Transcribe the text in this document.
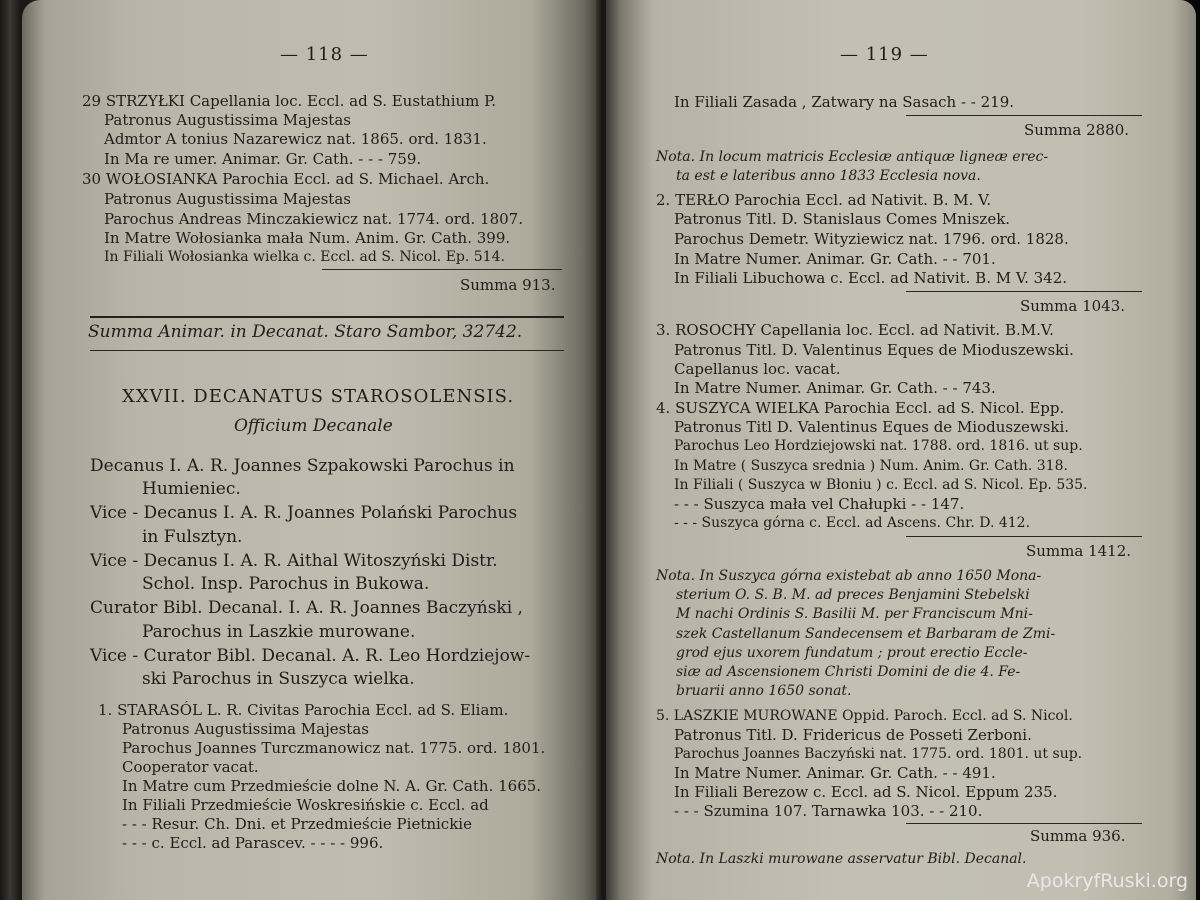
— 118 —
29 STRZYŁKI Capellania loc. Eccl. ad S. Eustathium P.
Patronus Augustissima Majestas
Admtor A tonius Nazarewicz nat. 1865. ord. 1831.
In Ma re umer. Animar. Gr. Cath. - - - 759.
30 WOŁOSIANKA Parochia Eccl. ad S. Michael. Arch.
Patronus Augustissima Majestas
Parochus Andreas Minczakiewicz nat. 1774. ord. 1807.
In Matre Wołosianka mała Num. Anim. Gr. Cath. 399.
In Filiali Wołosianka wielka c. Eccl. ad S. Nicol. Ep. 514.
Summa 913.
Summa Animar. in Decanat. Staro Sambor, 32742.
XXVII. DECANATUS STAROSOLENSIS.
Officium Decanale
Decanus I. A. R. Joannes Szpakowski Parochus in
Humieniec.
Vice - Decanus I. A. R. Joannes Polański Parochus
in Fulsztyn.
Vice - Decanus I. A. R. Aithal Witoszyński Distr.
Schol. Insp. Parochus in Bukowa.
Curator Bibl. Decanal. I. A. R. Joannes Baczyński ,
Parochus in Laszkie murowane.
Vice - Curator Bibl. Decanal. A. R. Leo Hordziejow-
ski Parochus in Suszyca wielka.
1. STARASÓL L. R. Civitas Parochia Eccl. ad S. Eliam.
Patronus Augustissima Majestas
Parochus Joannes Turczmanowicz nat. 1775. ord. 1801.
Cooperator vacat.
In Matre cum Przedmieście dolne N. A. Gr. Cath. 1665.
In Filiali Przedmieście Woskresińskie c. Eccl. ad
- - - Resur. Ch. Dni. et Przedmieście Pietnickie
- - - c. Eccl. ad Parascev. - - - - 996.
— 119 —
In Filiali Zasada , Zatwary na Sasach - - 219.
Summa 2880.
Nota. In locum matricis Ecclesiæ antiquæ ligneæ erec-
ta est e lateribus anno 1833 Ecclesia nova.
2. TERŁO Parochia Eccl. ad Nativit. B. M. V.
Patronus Titl. D. Stanislaus Comes Mniszek.
Parochus Demetr. Wityziewicz nat. 1796. ord. 1828.
In Matre Numer. Animar. Gr. Cath. - - 701.
In Filiali Libuchowa c. Eccl. ad Nativit. B. M V. 342.
Summa 1043.
3. ROSOCHY Capellania loc. Eccl. ad Nativit. B.M.V.
Patronus Titl. D. Valentinus Eques de Mioduszewski.
Capellanus loc. vacat.
In Matre Numer. Animar. Gr. Cath. - - 743.
4. SUSZYCA WIELKA Parochia Eccl. ad S. Nicol. Epp.
Patronus Titl D. Valentinus Eques de Mioduszewski.
Parochus Leo Hordziejowski nat. 1788. ord. 1816. ut sup.
In Matre ( Suszyca srednia ) Num. Anim. Gr. Cath. 318.
In Filiali ( Suszyca w Błoniu ) c. Eccl. ad S. Nicol. Ep. 535.
- - - Suszyca mała vel Chałupki - - 147.
- - - Suszyca górna c. Eccl. ad Ascens. Chr. D. 412.
Summa 1412.
Nota. In Suszyca górna existebat ab anno 1650 Mona-
sterium O. S. B. M. ad preces Benjamini Stebelski
M nachi Ordinis S. Basilii M. per Franciscum Mni-
szek Castellanum Sandecensem et Barbaram de Zmi-
grod ejus uxorem fundatum ; prout erectio Eccle-
siæ ad Ascensionem Christi Domini de die 4. Fe-
bruarii anno 1650 sonat.
5. LASZKIE MUROWANE Oppid. Paroch. Eccl. ad S. Nicol.
Patronus Titl. D. Fridericus de Posseti Zerboni.
Parochus Joannes Baczyński nat. 1775. ord. 1801. ut sup.
In Matre Numer. Animar. Gr. Cath. - - 491.
In Filiali Berezow c. Eccl. ad S. Nicol. Eppum 235.
- - - Szumina 107. Tarnawka 103. - - 210.
Summa 936.
Nota. In Laszki murowane asservatur Bibl. Decanal.
ApokryfRuski.org
